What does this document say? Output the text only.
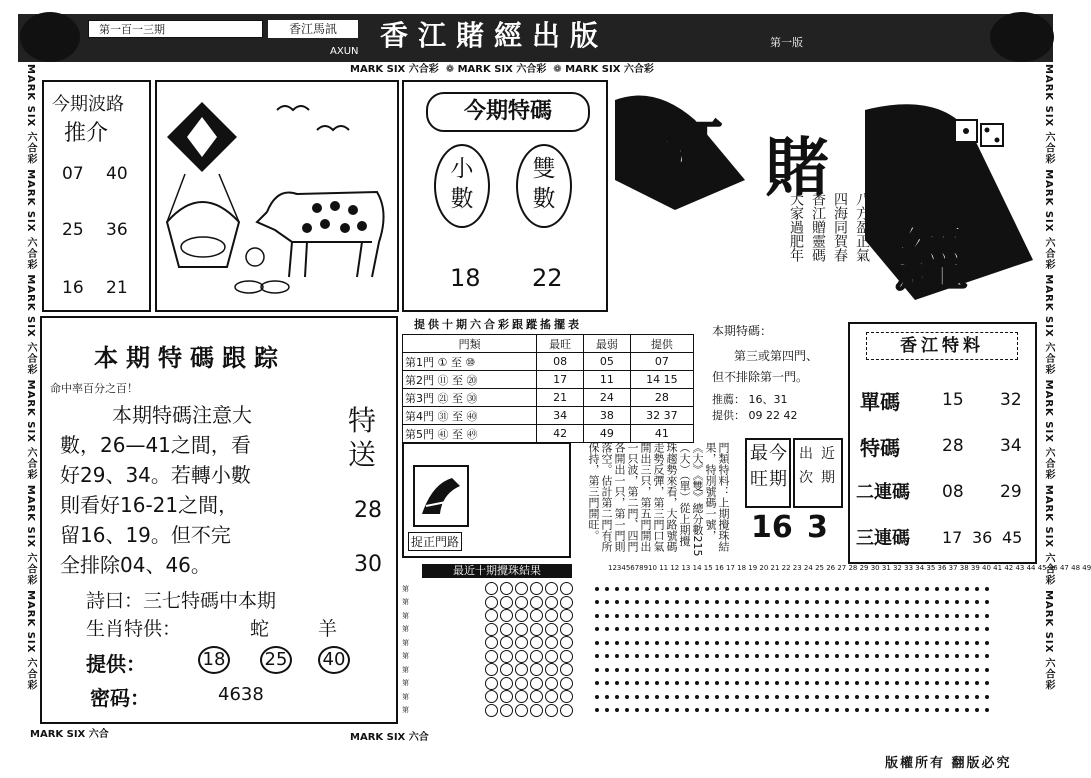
第一百一三期	香江馬訊
AXUN 香江賭經出版	第一版
MARK SIX 六合彩  ❁ MARK SIX 六合彩  ❁ MARK SIX 六合彩
MARK SIX 六合彩 MARK SIX 六合彩 MARK SIX 六合彩 MARK SIX 六合彩 MARK SIX 六合彩 MARK SIX 六合彩	MARK SIX 六合彩 MARK SIX 六合彩 MARK SIX 六合彩 MARK SIX 六合彩 MARK SIX 六合彩 MARK SIX 六合彩
MARK SIX 六合	MARK SIX 六合
版權所有 翻版必究
今期波路
推介
07 40
25 36
16 21
今期特碼
小
數
雙
數
18 22
香江 賭
經
八方盈正氣
四海同賀春
香江贈靈碼
大家過肥年
本期特碼跟踪
命中率百分之百！
本期特碼注意大
數，26—41之間，看
好29、34。若轉小數
則看好16-21之間，
留16、19。但不完
全排除04、46。
特
送
28
30
詩曰：三七特碼中本期
生肖特供：	蛇	羊
提供：	18 25 40
密码：	4638
提供十期六合彩跟蹤搖擺表
門類	最旺	最弱	提供
第1門 ① 至 ⑩	08	05	07
第2門 ⑪ 至 ⑳	17	11	14 15
第3門 ㉑ 至 ㉚	21	24	28
第4門 ㉛ 至 ㊵	34	38	32 37
第5門 ㊶ 至 ㊾	42	49	41
本期特碼：
第三或第四門、
但不排除第一門。
推薦： 16、31
提供： 09 22 42
香江特料
單碼 15 32
特碼 28 34
二連碼 08 29
三連碼 17 36 45
捉正門路	門類特料：上期攪珠結果，特別號碼一號，《大》《雙》總分數215（大）（單）從上期攪珠趨勢來看，大路號碼走勢反彈，第三門口氣開出三只，第五門開出一只波，第二門、四門各開出一只，第一門則落空。估計第二門有所保持，第三門開旺。	最
旺
今
期
出
次
近
期
16 3
最近十期攪珠結果	12345678910 11 12 13 14 15 16 17 18 19 20 21 22 23 24 25 26 27 28 29 30 31 32 33 34 35 36 37 38 39 40 41 42 43 44 45 46 47 48 49
第
第
第
第
第
第
第
第
第
第
